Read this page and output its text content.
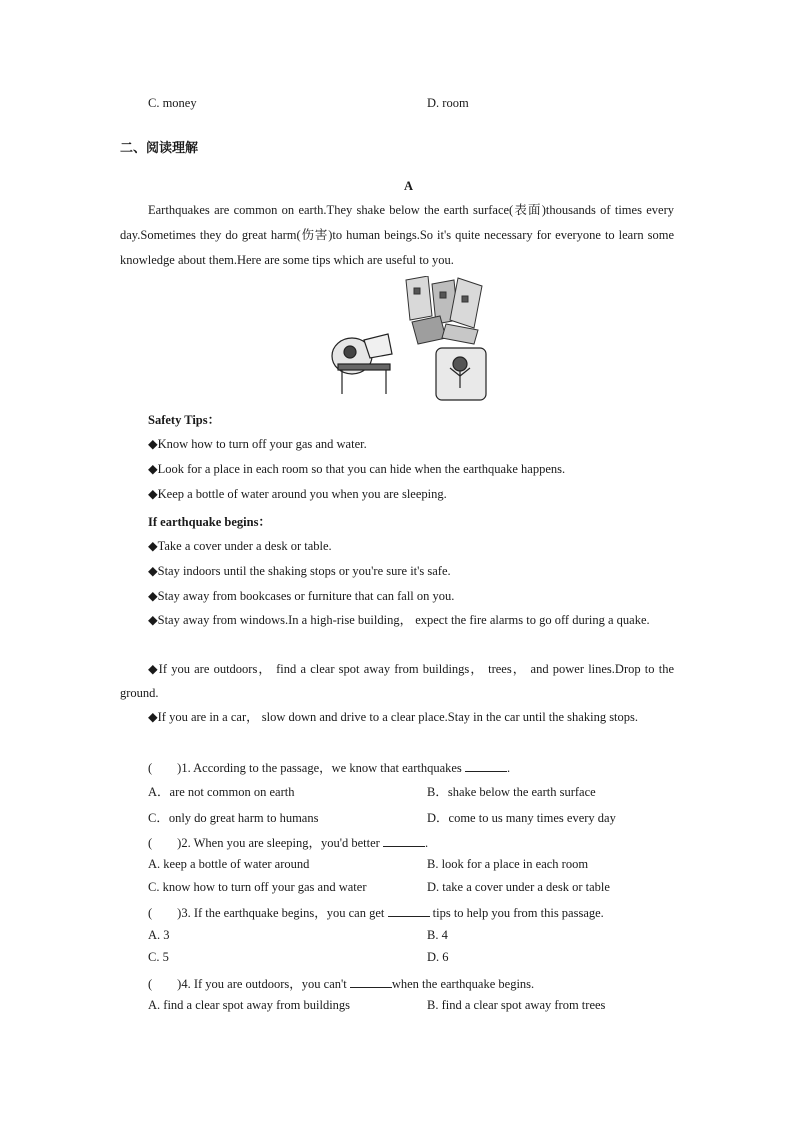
C. money	D. room
二、阅读理解
A
Earthquakes are common on earth.They shake below the earth surface(表面)thousands of times every day.Sometimes they do great harm(伤害)to human beings.So it's quite necessary for everyone to learn some knowledge about them.Here are some tips which are useful to you.
Safety Tips：
◆Know how to turn off your gas and water.
◆Look for a place in each room so that you can hide when the earthquake happens.
◆Keep a bottle of water around you when you are sleeping.
If earthquake begins：
◆Take a cover under a desk or table.
◆Stay indoors until the shaking stops or you're sure it's safe.
◆Stay away from bookcases or furniture that can fall on you.
◆Stay away from windows.In a high-rise building， expect the fire alarms to go off during a quake.
◆If you are outdoors， find a clear spot away from buildings， trees， and power lines.Drop to the ground.
◆If you are in a car， slow down and drive to a clear place.Stay in the car until the shaking stops.
(　　)1. According to the passage，we know that earthquakes	.
A．are not common on earth	B．shake below the earth surface
C．only do great harm to humans	D．come to us many times every day
(　　)2. When you are sleeping，you'd better	.
A. keep a bottle of water around	B. look for a place in each room
C. know how to turn off your gas and water	D. take a cover under a desk or table
(　　)3. If the earthquake begins，you can get	tips to help you from this passage.
A. 3	B. 4
C. 5	D. 6
(　　)4. If you are outdoors，you can't	when the earthquake begins.
A. find a clear spot away from buildings	B. find a clear spot away from trees
